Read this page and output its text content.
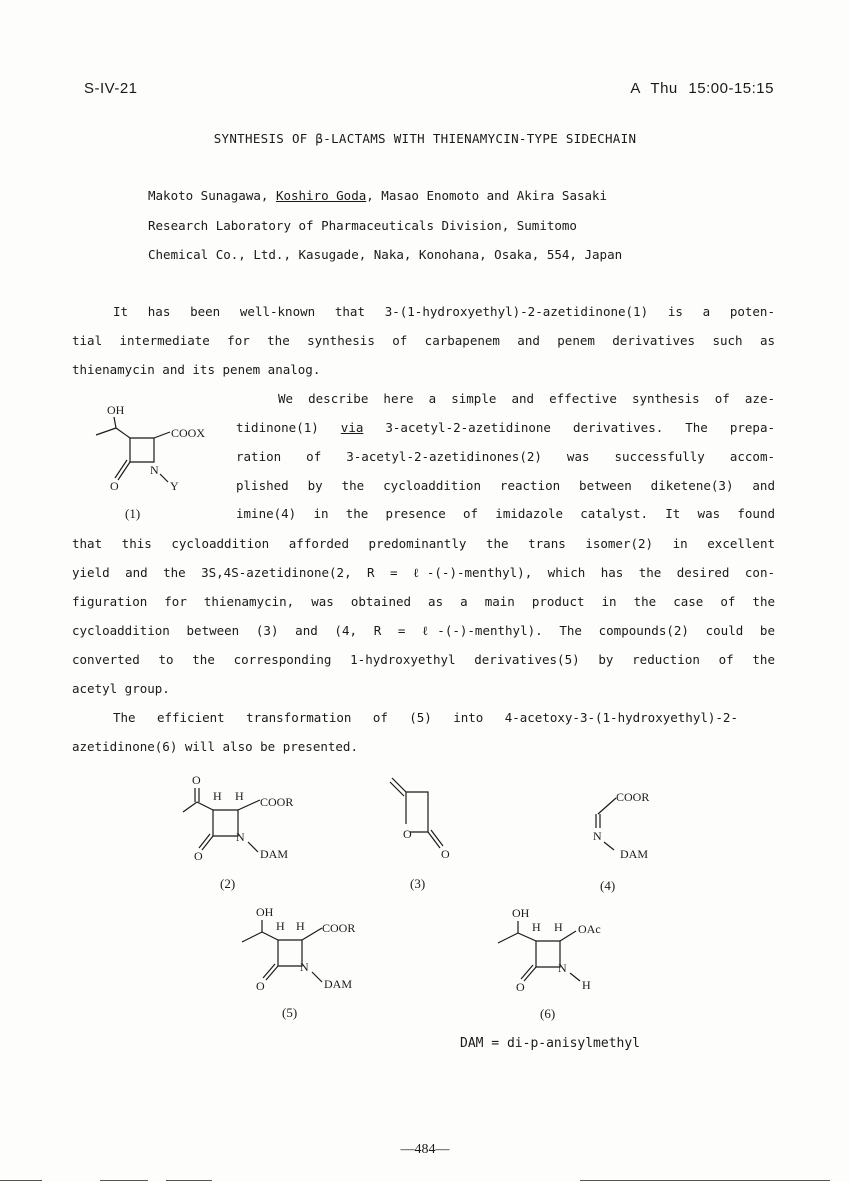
S-IV-21	A Thu 15:00-15:15
SYNTHESIS OF β-LACTAMS WITH THIENAMYCIN-TYPE SIDECHAIN
Makoto Sunagawa, Koshiro Goda, Masao Enomoto and Akira Sasaki
Research Laboratory of Pharmaceuticals Division, Sumitomo
Chemical Co., Ltd., Kasugade, Naka, Konohana, Osaka, 554, Japan
It has been well-known that 3-(1-hydroxyethyl)-2-azetidinone(1) is a poten-
tial intermediate for the synthesis of carbapenem and penem derivatives such as
thienamycin and its penem analog.
We describe here a simple and effective synthesis of aze-
tidinone(1) via 3-acetyl-2-azetidinone derivatives. The prepa-
ration of 3-acetyl-2-azetidinones(2) was successfully accom-
plished by the cycloaddition reaction between diketene(3) and
imine(4) in the presence of imidazole catalyst. It was found
that this cycloaddition afforded predominantly the trans isomer(2) in excellent
yield and the 3S,4S-azetidinone(2, R = ℓ-(-)-menthyl), which has the desired con-
figuration for thienamycin, was obtained as a main product in the case of the
cycloaddition between (3) and (4, R = ℓ-(-)-menthyl). The compounds(2) could be
converted to the corresponding 1-hydroxyethyl derivatives(5) by reduction of the
acetyl group.
The efficient transformation of (5) into 4-acetoxy-3-(1-hydroxyethyl)-2-
azetidinone(6) will also be presented.
OH
COOX
N
O	Y
(1)
O
H H COOR
O
N
DAM
(2)
O
O
(3)
COOR
N
DAM
(4)
OH
H H COOR
O
N
DAM
(5)
OH
H H OAc
O
N
H
(6)
DAM = di-p-anisylmethyl
—484—
